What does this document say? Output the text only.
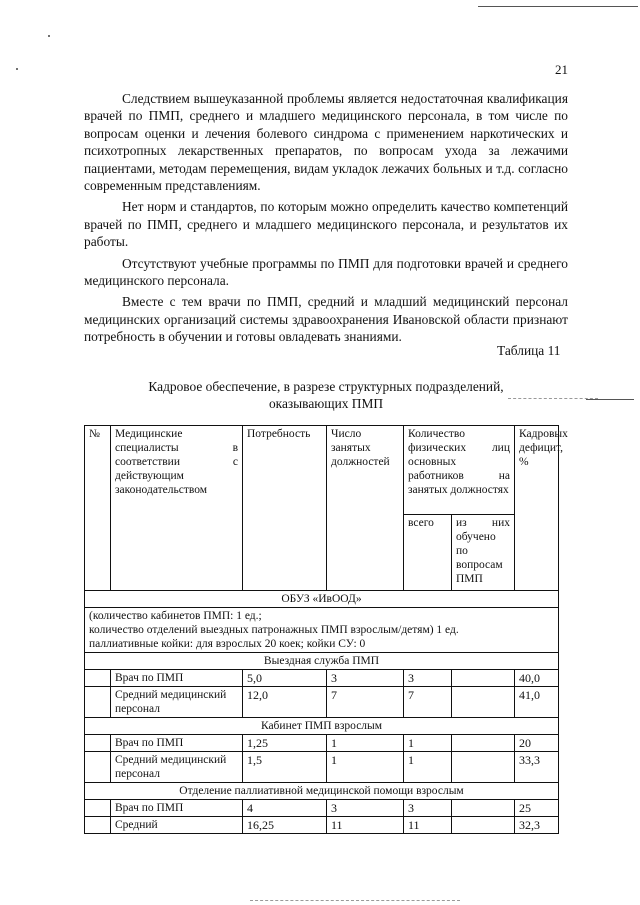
21

Следствием вышеуказанной проблемы является недостаточная квалификация врачей по ПМП, среднего и младшего медицинского персонала, в том числе по вопросам оценки и лечения болевого синдрома с применением наркотических и психотропных лекарственных препаратов, по вопросам ухода за лежачими пациентами, методам перемещения, видам укладок лежачих больных и т.д. согласно современным представлениям.

Нет норм и стандартов, по которым можно определить качество компетенций врачей по ПМП, среднего и младшего медицинского персонала, и результатов их работы.

Отсутствуют учебные программы по ПМП для подготовки врачей и среднего медицинского персонала.

Вместе с тем врачи по ПМП, средний и младший медицинский персонал медицинских организаций системы здравоохранения Ивановской области признают потребность в обучении и готовы овладевать знаниями.

Таблица 11
Кадровое обеспечение, в разрезе структурных подразделений,
оказывающих ПМП
№	Медицинские специалисты в соответствии с действующим законодательством	Потребность	Число занятых должностей	Количество физических лиц основных работников на занятых должностях		Кадровых дефицит, %
				всего	из них обучено по вопросам ПМП	
ОБУЗ «ИвООД»						

(количество кабинетов ПМП: 1 ед.;
количество отделений выездных патронажных ПМП взрослым/детям) 1 ед.
паллиативные койки: для взрослых 20 коек; койки СУ: 0						

Выездная служба ПМП						
	Врач по ПМП	5,0	3	3		40,0
	Средний медицинский персонал	12,0	7	7		41,0
Кабинет ПМП взрослым						
	Врач по ПМП	1,25	1	1		20
	Средний медицинский персонал	1,5	1	1		33,3
Отделение паллиативной медицинской помощи взрослым						
	Врач по ПМП	4	3	3		25
	Средний	16,25	11	11		32,3
